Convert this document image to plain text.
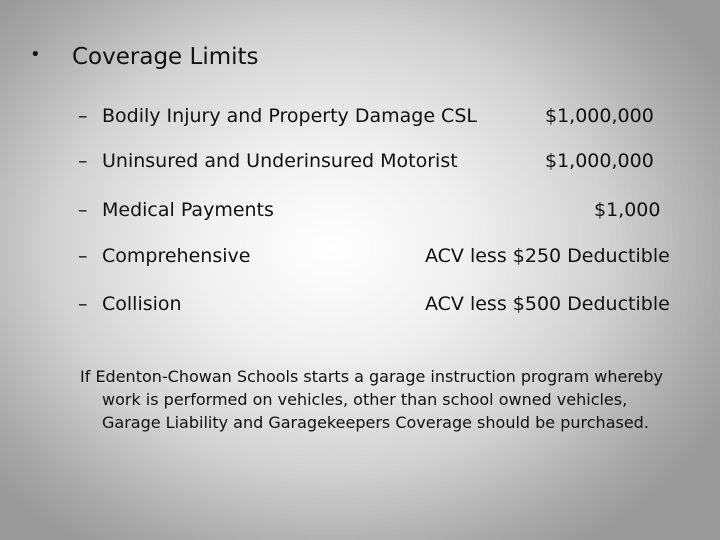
• Coverage Limits
– Bodily Injury and Property Damage CSL	$1,000,000
– Uninsured and Underinsured Motorist	$1,000,000
– Medical Payments	$1,000
– Comprehensive	ACV less $250 Deductible
– Collision	ACV less $500 Deductible
If Edenton-Chowan Schools starts a garage instruction program whereby
work is performed on vehicles, other than school owned vehicles,
Garage Liability and Garagekeepers Coverage should be purchased.
